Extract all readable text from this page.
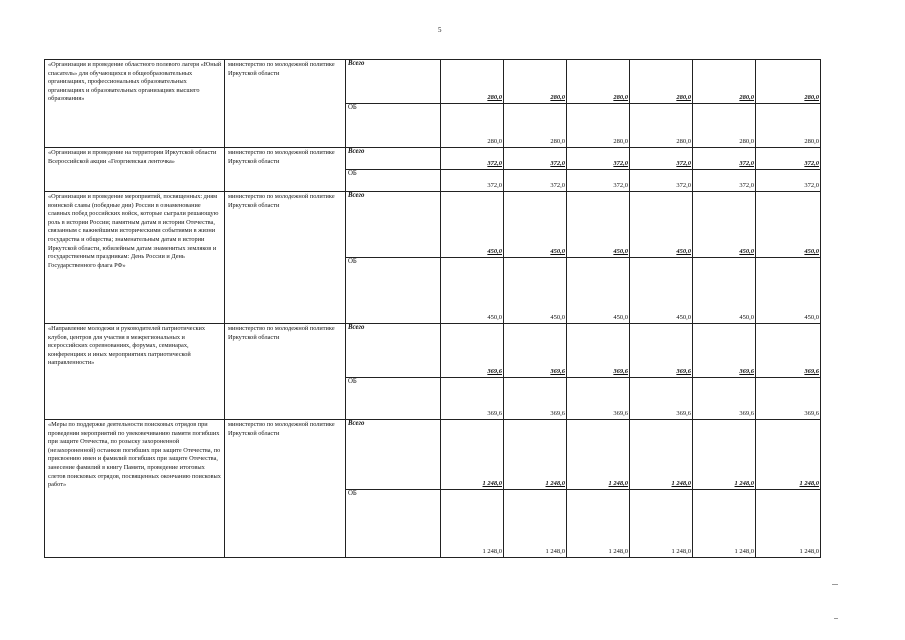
5
«Организация и проведение областного полевого лагеря «Юный спасатель» для обучающихся в общеобразовательных организациях, профессиональных образовательных организациях и образовательных организациях высшего образования»	министерство по молодежной политике Иркутской области	Всего	280,0	280,0	280,0	280,0	280,0	280,0
		ОБ	280,0	280,0	280,0	280,0	280,0	280,0
«Организация и проведение на территории Иркутской области Всероссийской акции «Георгиевская ленточка»	министерство по молодежной политике Иркутской области	Всего	372,0	372,0	372,0	372,0	372,0	372,0
		ОБ	372,0	372,0	372,0	372,0	372,0	372,0
«Организация и проведение мероприятий, посвященных: дням воинской славы (победные дни) России в ознаменование славных побед российских войск, которые сыграли решающую роль в истории России; памятным датам в истории Отечества, связанным с важнейшими историческими событиями в жизни государства и общества; знаменательным датам в истории Иркутской области, юбилейным датам знаменитых земляков и государственным праздникам: День России и День Государственного флага РФ»	министерство по молодежной политике Иркутской области	Всего	450,0	450,0	450,0	450,0	450,0	450,0
		ОБ	450,0	450,0	450,0	450,0	450,0	450,0
«Направление молодежи и руководителей патриотических клубов, центров для участия в межрегиональных и всероссийских соревнованиях, форумах, семинарах, конференциях и иных мероприятиях патриотической направленности»	министерство по молодежной политике Иркутской области	Всего	369,6	369,6	369,6	369,6	369,6	369,6
		ОБ	369,6	369,6	369,6	369,6	369,6	369,6
«Меры по поддержке деятельности поисковых отрядов при проведении мероприятий по увековечиванию памяти погибших при защите Отечества, по розыску захороненной (незахороненной) останков погибших при защите Отечества, по присвоению имен и фамилий погибших при защите Отечества, занесение фамилий в книгу Памяти, проведение итоговых слетов поисковых отрядов, посвященных окончанию поисковых работ»	министерство по молодежной политике Иркутской области	Всего	1 248,0	1 248,0	1 248,0	1 248,0	1 248,0	1 248,0
		ОБ	1 248,0	1 248,0	1 248,0	1 248,0	1 248,0	1 248,0
